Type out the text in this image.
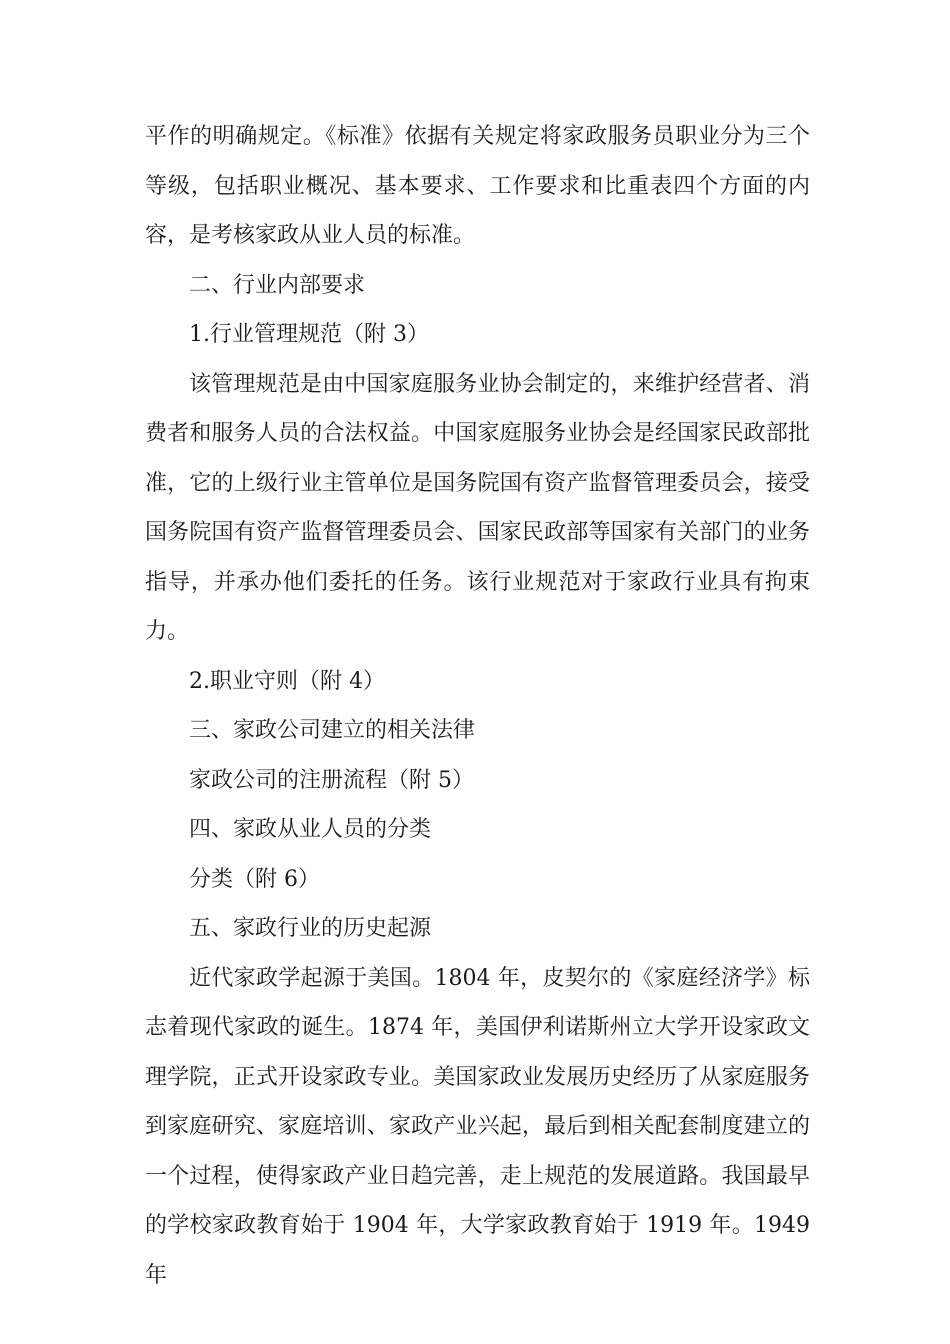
平作的明确规定。《标准》依据有关规定将家政服务员职业分为三个等级，包括职业概况、基本要求、工作要求和比重表四个方面的内容，是考核家政从业人员的标准。

二、行业内部要求

1.行业管理规范（附 3）

该管理规范是由中国家庭服务业协会制定的，来维护经营者、消费者和服务人员的合法权益。中国家庭服务业协会是经国家民政部批准，它的上级行业主管单位是国务院国有资产监督管理委员会，接受国务院国有资产监督管理委员会、国家民政部等国家有关部门的业务指导，并承办他们委托的任务。该行业规范对于家政行业具有拘束力。

2.职业守则（附 4）

三、家政公司建立的相关法律

家政公司的注册流程（附 5）

四、家政从业人员的分类

分类（附 6）

五、家政行业的历史起源

近代家政学起源于美国。1804 年，皮契尔的《家庭经济学》标志着现代家政的诞生。1874 年，美国伊利诺斯州立大学开设家政文理学院，正式开设家政专业。美国家政业发展历史经历了从家庭服务到家庭研究、家庭培训、家政产业兴起，最后到相关配套制度建立的一个过程，使得家政产业日趋完善，走上规范的发展道路。我国最早的学校家政教育始于 1904 年，大学家政教育始于 1919 年。1949 年
